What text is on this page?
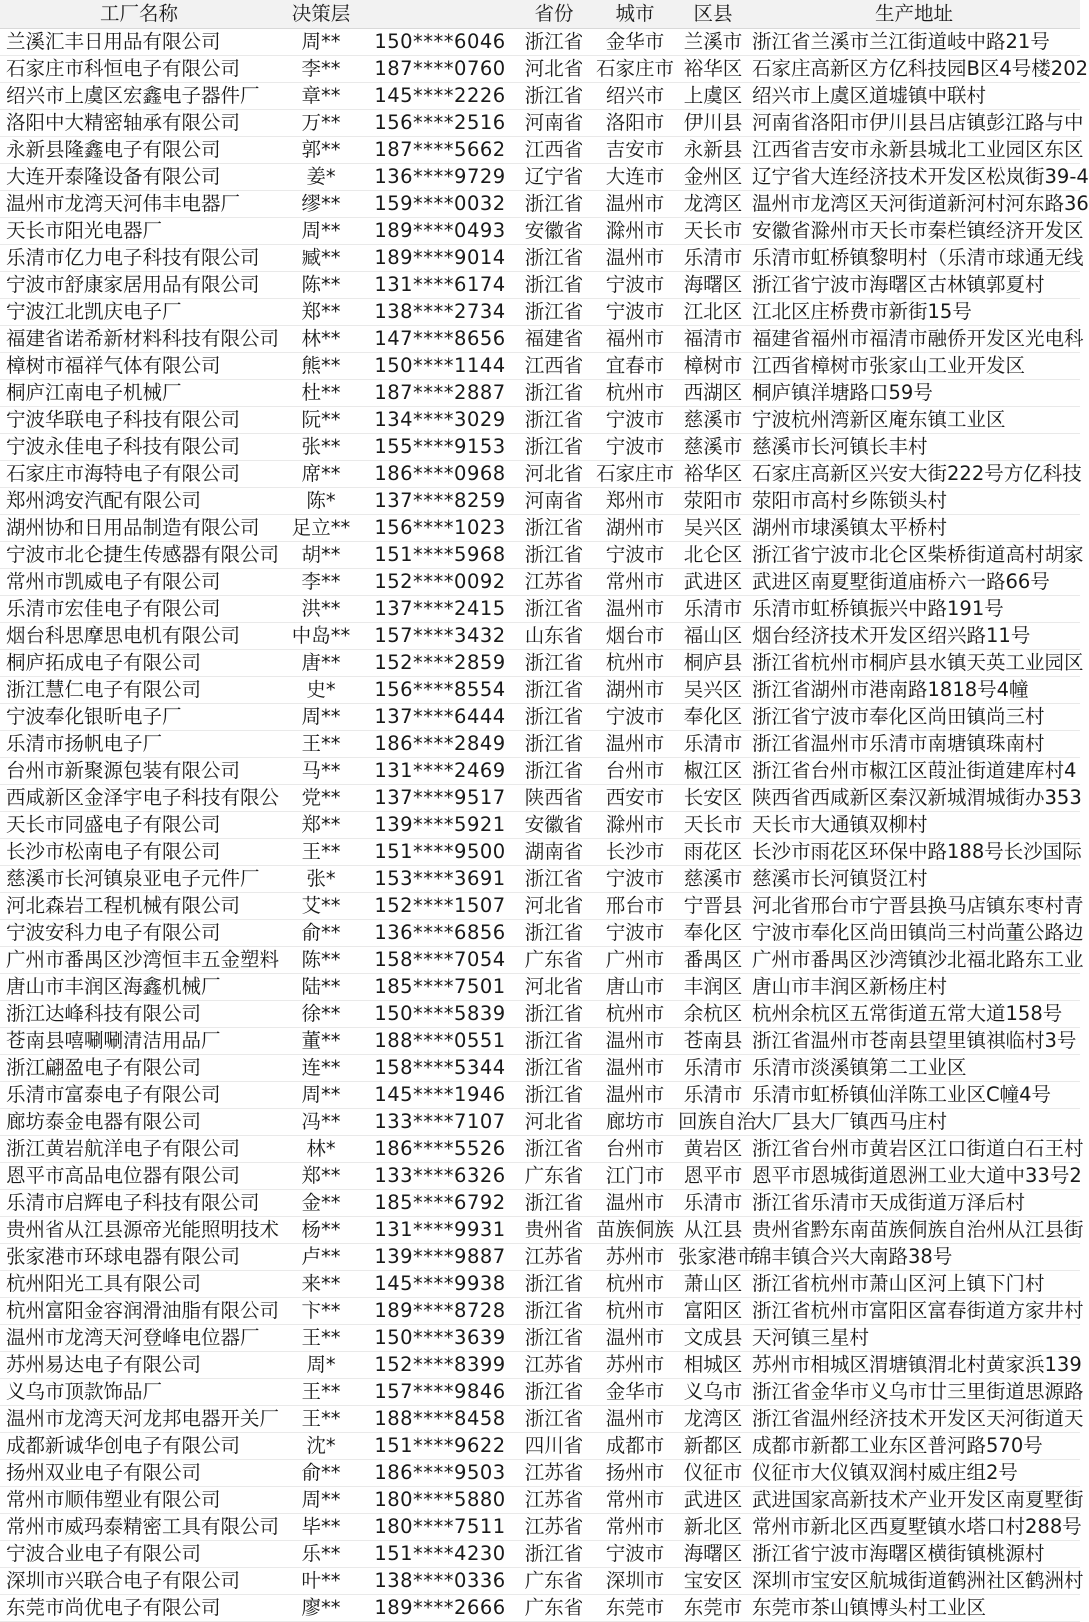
工厂名称	决策层		省份	城市	区县	生产地址
兰溪汇丰日用品有限公司	周**	150****6046	浙江省	金华市	兰溪市	浙江省兰溪市兰江街道岐中路21号
石家庄市科恒电子有限公司	李**	187****0760	河北省	石家庄市	裕华区	石家庄高新区方亿科技园B区4号楼202
绍兴市上虞区宏鑫电子器件厂	章**	145****2226	浙江省	绍兴市	上虞区	绍兴市上虞区道墟镇中联村
洛阳中大精密轴承有限公司	万**	156****2516	河南省	洛阳市	伊川县	河南省洛阳市伊川县吕店镇彭江路与中
永新县隆鑫电子有限公司	郭**	187****5662	江西省	吉安市	永新县	江西省吉安市永新县城北工业园区东区
大连开泰隆设备有限公司	姜*	136****9729	辽宁省	大连市	金州区	辽宁省大连经济技术开发区松岚街39-4
温州市龙湾天河伟丰电器厂	缪**	159****0032	浙江省	温州市	龙湾区	温州市龙湾区天河街道新河村河东路36
天长市阳光电器厂	周**	189****0493	安徽省	滁州市	天长市	安徽省滁州市天长市秦栏镇经济开发区
乐清市亿力电子科技有限公司	臧**	189****9014	浙江省	温州市	乐清市	乐清市虹桥镇黎明村（乐清市球通无线
宁波市舒康家居用品有限公司	陈**	131****6174	浙江省	宁波市	海曙区	浙江省宁波市海曙区古林镇郭夏村
宁波江北凯庆电子厂	郑**	138****2734	浙江省	宁波市	江北区	江北区庄桥费市新街15号
福建省诺希新材料科技有限公司	林**	147****8656	福建省	福州市	福清市	福建省福州市福清市融侨开发区光电科
樟树市福祥气体有限公司	熊**	150****1144	江西省	宜春市	樟树市	江西省樟树市张家山工业开发区
桐庐江南电子机械厂	杜**	187****2887	浙江省	杭州市	西湖区	桐庐镇洋塘路口59号
宁波华联电子科技有限公司	阮**	134****3029	浙江省	宁波市	慈溪市	宁波杭州湾新区庵东镇工业区
宁波永佳电子科技有限公司	张**	155****9153	浙江省	宁波市	慈溪市	慈溪市长河镇长丰村
石家庄市海特电子有限公司	席**	186****0968	河北省	石家庄市	裕华区	石家庄高新区兴安大街222号方亿科技
郑州鸿安汽配有限公司	陈*	137****8259	河南省	郑州市	荥阳市	荥阳市高村乡陈锁头村
湖州协和日用品制造有限公司	足立**	156****1023	浙江省	湖州市	吴兴区	湖州市埭溪镇太平桥村
宁波市北仑捷生传感器有限公司	胡**	151****5968	浙江省	宁波市	北仑区	浙江省宁波市北仑区柴桥街道高村胡家
常州市凯威电子有限公司	李**	152****0092	江苏省	常州市	武进区	武进区南夏墅街道庙桥六一路66号
乐清市宏佳电子有限公司	洪**	137****2415	浙江省	温州市	乐清市	乐清市虹桥镇振兴中路191号
烟台科思摩思电机有限公司	中岛**	157****3432	山东省	烟台市	福山区	烟台经济技术开发区绍兴路11号
桐庐拓成电子有限公司	唐**	152****2859	浙江省	杭州市	桐庐县	浙江省杭州市桐庐县水镇天英工业园区
浙江慧仁电子有限公司	史*	156****8554	浙江省	湖州市	吴兴区	浙江省湖州市港南路1818号4幢
宁波奉化银昕电子厂	周**	137****6444	浙江省	宁波市	奉化区	浙江省宁波市奉化区尚田镇尚三村
乐清市扬帆电子厂	王**	186****2849	浙江省	温州市	乐清市	浙江省温州市乐清市南塘镇珠南村
台州市新聚源包装有限公司	马**	131****2469	浙江省	台州市	椒江区	浙江省台州市椒江区葭沚街道建库村4
西咸新区金泽宇电子科技有限公	党**	137****9517	陕西省	西安市	长安区	陕西省西咸新区秦汉新城渭城街办353
天长市同盛电子有限公司	郑**	139****5921	安徽省	滁州市	天长市	天长市大通镇双柳村
长沙市松南电子有限公司	王**	151****9500	湖南省	长沙市	雨花区	长沙市雨花区环保中路188号长沙国际
慈溪市长河镇泉亚电子元件厂	张*	153****3691	浙江省	宁波市	慈溪市	慈溪市长河镇贤江村
河北森岩工程机械有限公司	艾**	152****1507	河北省	邢台市	宁晋县	河北省邢台市宁晋县换马店镇东枣村青
宁波安科力电子有限公司	俞**	136****6856	浙江省	宁波市	奉化区	宁波市奉化区尚田镇尚三村尚董公路边
广州市番禺区沙湾恒丰五金塑料	陈**	158****7054	广东省	广州市	番禺区	广州市番禺区沙湾镇沙北福北路东工业
唐山市丰润区海鑫机械厂	陆**	185****7501	河北省	唐山市	丰润区	唐山市丰润区新杨庄村
浙江达峰科技有限公司	徐**	150****5839	浙江省	杭州市	余杭区	杭州余杭区五常街道五常大道158号
苍南县嘻唰唰清洁用品厂	董**	188****0551	浙江省	温州市	苍南县	浙江省温州市苍南县望里镇祺临村3号
浙江翩盈电子有限公司	连**	158****5344	浙江省	温州市	乐清市	乐清市淡溪镇第二工业区
乐清市富泰电子有限公司	周**	145****1946	浙江省	温州市	乐清市	乐清市虹桥镇仙洋陈工业区C幢4号
廊坊泰金电器有限公司	冯**	133****7107	河北省	廊坊市	回族自治	大厂县大厂镇西马庄村
浙江黄岩航洋电子有限公司	林*	186****5526	浙江省	台州市	黄岩区	浙江省台州市黄岩区江口街道白石王村
恩平市高品电位器有限公司	郑**	133****6326	广东省	江门市	恩平市	恩平市恩城街道恩洲工业大道中33号2
乐清市启辉电子科技有限公司	金**	185****6792	浙江省	温州市	乐清市	浙江省乐清市天成街道万泽后村
贵州省从江县源帝光能照明技术	杨**	131****9931	贵州省	苗族侗族	从江县	贵州省黔东南苗族侗族自治州从江县街
张家港市环球电器有限公司	卢**	139****9887	江苏省	苏州市	张家港市	锦丰镇合兴大南路38号
杭州阳光工具有限公司	来**	145****9938	浙江省	杭州市	萧山区	浙江省杭州市萧山区河上镇下门村
杭州富阳金容润滑油脂有限公司	卞**	189****8728	浙江省	杭州市	富阳区	浙江省杭州市富阳区富春街道方家井村
温州市龙湾天河登峰电位器厂	王**	150****3639	浙江省	温州市	文成县	天河镇三星村
苏州易达电子有限公司	周*	152****8399	江苏省	苏州市	相城区	苏州市相城区渭塘镇渭北村黄家浜139
义乌市顶款饰品厂	王**	157****9846	浙江省	金华市	义乌市	浙江省金华市义乌市廿三里街道思源路
温州市龙湾天河龙邦电器开关厂	王**	188****8458	浙江省	温州市	龙湾区	浙江省温州经济技术开发区天河街道天
成都新诚华创电子有限公司	沈*	151****9622	四川省	成都市	新都区	成都市新都工业东区普河路570号
扬州双业电子有限公司	俞**	186****9503	江苏省	扬州市	仪征市	仪征市大仪镇双润村威庄组2号
常州市顺伟塑业有限公司	周**	180****5880	江苏省	常州市	武进区	武进国家高新技术产业开发区南夏墅街
常州市威玛泰精密工具有限公司	毕**	180****7511	江苏省	常州市	新北区	常州市新北区西夏墅镇水塔口村288号
宁波合业电子有限公司	乐**	151****4230	浙江省	宁波市	海曙区	浙江省宁波市海曙区横街镇桃源村
深圳市兴联合电子有限公司	叶**	138****0336	广东省	深圳市	宝安区	深圳市宝安区航城街道鹤洲社区鹤洲村
东莞市尚优电子有限公司	廖**	189****2666	广东省	东莞市	东莞市	东莞市茶山镇博头村工业区
